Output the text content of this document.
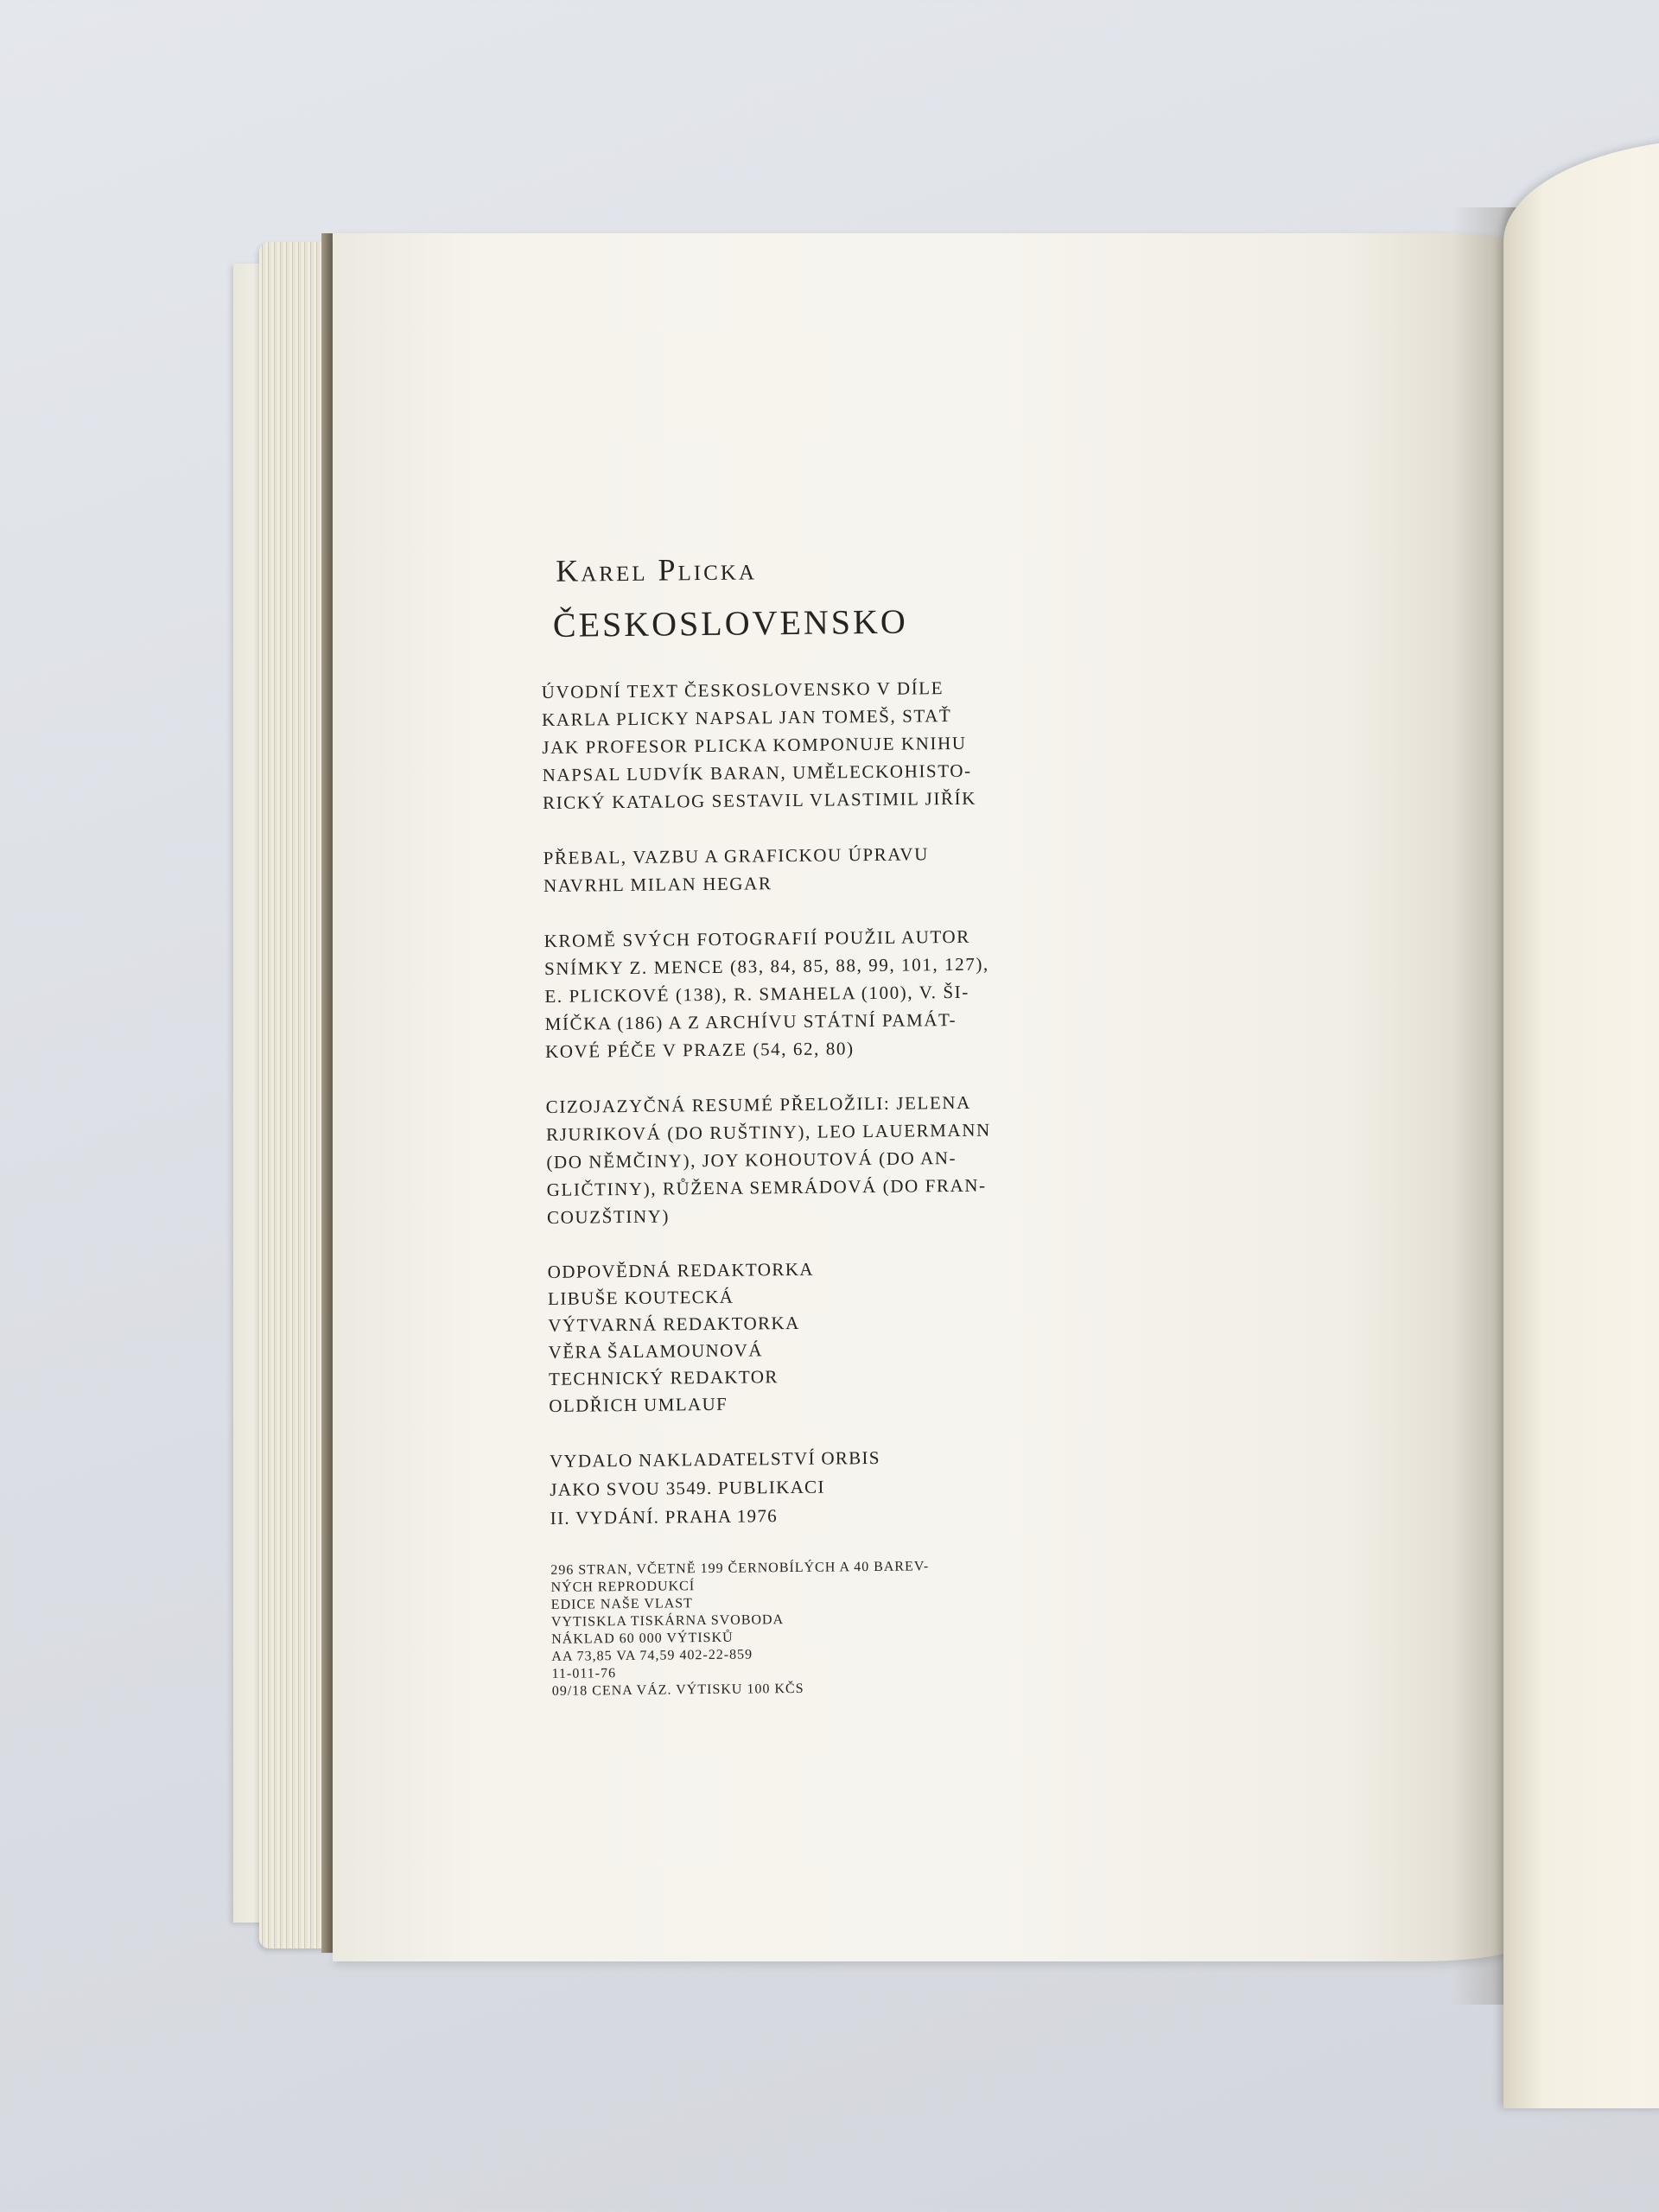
Karel Plicka
ČESKOSLOVENSKO
ÚVODNÍ TEXT ČESKOSLOVENSKO V DÍLE
KARLA PLICKY NAPSAL JAN TOMEŠ, STAŤ
JAK PROFESOR PLICKA KOMPONUJE KNIHU
NAPSAL LUDVÍK BARAN, UMĚLECKOHISTO-
RICKÝ KATALOG SESTAVIL VLASTIMIL JIŘÍK
PŘEBAL, VAZBU A GRAFICKOU ÚPRAVU
NAVRHL MILAN HEGAR
KROMĚ SVÝCH FOTOGRAFIÍ POUŽIL AUTOR
SNÍMKY Z. MENCE (83, 84, 85, 88, 99, 101, 127),
E. PLICKOVÉ (138), R. SMAHELA (100), V. ŠI-
MÍČKA (186) A Z ARCHÍVU STÁTNÍ PAMÁT-
KOVÉ PÉČE V PRAZE (54, 62, 80)
CIZOJAZYČNÁ RESUMÉ PŘELOŽILI: JELENA
RJURIKOVÁ (DO RUŠTINY), LEO LAUERMANN
(DO NĚMČINY), JOY KOHOUTOVÁ (DO AN-
GLIČTINY), RŮŽENA SEMRÁDOVÁ (DO FRAN-
COUZŠTINY)
ODPOVĚDNÁ REDAKTORKA
LIBUŠE KOUTECKÁ
VÝTVARNÁ REDAKTORKA
VĚRA ŠALAMOUNOVÁ
TECHNICKÝ REDAKTOR
OLDŘICH UMLAUF
VYDALO NAKLADATELSTVÍ ORBIS
JAKO SVOU 3549. PUBLIKACI
II. VYDÁNÍ. PRAHA 1976
296 STRAN, VČETNĚ 199 ČERNOBÍLÝCH A 40 BAREV-
NÝCH REPRODUKCÍ
EDICE NAŠE VLAST
VYTISKLA TISKÁRNA SVOBODA
NÁKLAD 60 000 VÝTISKŮ
AA 73,85 VA 74,59 402-22-859
11-011-76
09/18 CENA VÁZ. VÝTISKU 100 KČS
